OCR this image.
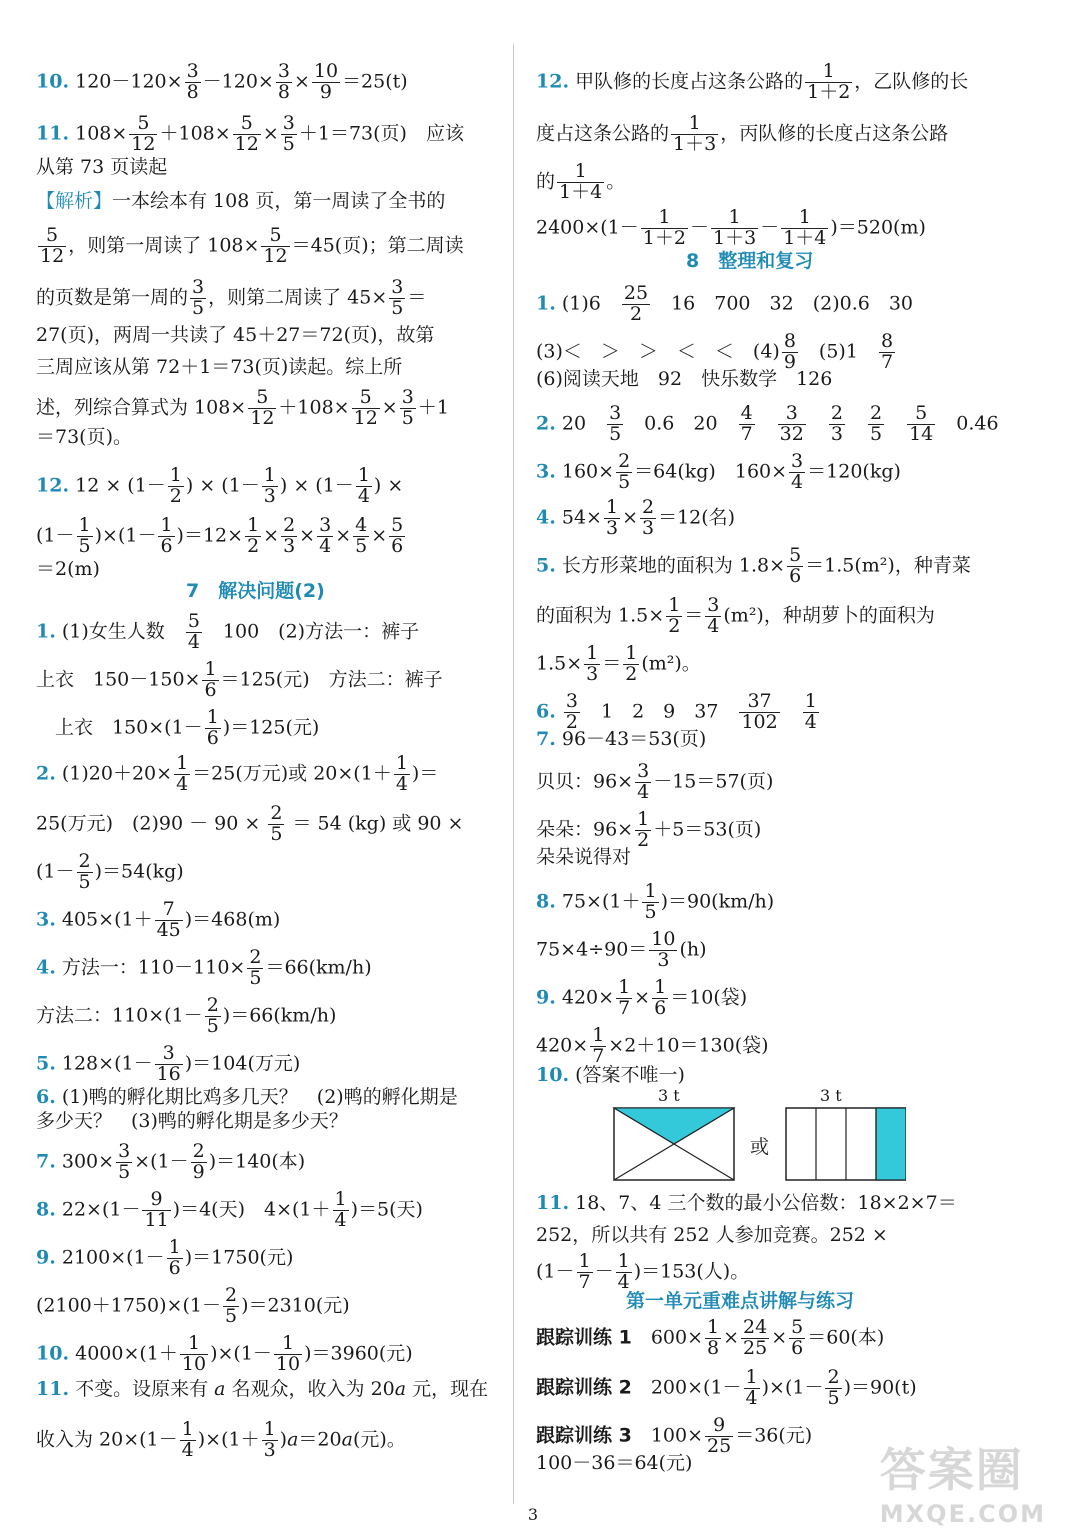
10. $120-120\times \frac{3}{8} -120\times \frac{3}{8} \times \frac{10}{9} =25(t)$
11. $108\times \frac{5}{12} +108\times \frac{5}{12} \times \frac{3}{5} +1=73$(页)　应该
从第 73 页读起
【解析】一本绘本有 108 页，第一周读了全书的
$\frac{5}{12}$ ，则第一周读了 $108\times \frac{5}{12} =45$(页)；第二周读
的页数是第一周的 $\frac{3}{5}$ ，则第二周读了 $45\times \frac{3}{5}$ ＝
27(页)，两周一共读了 45＋27＝72(页)，故第
三周应该从第 72＋1＝73(页)读起。综上所
述，列综合算式为 $108\times \frac{5}{12} +108\times \frac{5}{12} \times \frac{3}{5} +1$
＝73(页)。
12. $12 \times (1- \frac{1}{2}$ ) × ($1- \frac{1}{3}$ ) × ($1- \frac{1}{4}$ ) ×
$(1- \frac{1}{5} )\times(1- \frac{1}{6} )=12\times \frac{1}{2} \times \frac{2}{3} \times \frac{3}{4} \times \frac{4}{5} \times \frac{5}{6}$
＝2(m)
7　解决问题(2)
1. (1)女生人数　 $\frac{5}{4}$ 　100　(2)方法一：裤子
上衣　$150-150\times \frac{1}{6} =125$(元)　方法二：裤子
　上衣　$150\times(1- \frac{1}{6} )=125$(元)
2. $(1)20+20\times \frac{1}{4} =25$(万元)或 $20\times(1+ \frac{1}{4}$ )＝
25(万元)　$(2)90 - 90 \times \frac{2}{5} = 54$ (kg) 或 90 ×
$(1- \frac{2}{5} )=54(kg)$
3. $405\times(1+ \frac{7}{45} )=468(m)$
4. 方法一：$110-110\times \frac{2}{5} =66(km/h)$
方法二：$110\times(1- \frac{2}{5} )=66(km/h)$
5. $128\times(1- \frac{3}{16} )=104$(万元)
6. (1)鸭的孵化期比鸡多几天？　(2)鸭的孵化期是
多少天？　(3)鸭的孵化期是多少天？
7. $300\times \frac{3}{5} \times(1- \frac{2}{9} )=140$(本)
8. $22\times(1- \frac{9}{11} )=4$(天)　$4\times(1+ \frac{1}{4} )=5$(天)
9. $2100\times(1- \frac{1}{6} )=1750$(元)
$(2100+1750)\times(1- \frac{2}{5} )=2310$(元)
10. $4000\times(1+ \frac{1}{10} )\times(1- \frac{1}{10} )=3960$(元)
11. 不变。设原来有 a 名观众，收入为 20a 元，现在
收入为 $20\times(1- \frac{1}{4} )\times(1+ \frac{1}{3} )a=20a$(元)。
12. 甲队修的长度占这条公路的 $\frac{1}{1+2}$ ，乙队修的长
度占这条公路的 $\frac{1}{1+3}$ ，丙队修的长度占这条公路
的 $\frac{1}{1+4}$ 。
$2400\times(1- \frac{1}{1+2} - \frac{1}{1+3} - \frac{1}{1+4} )=520(m)$
8　整理和复习
1. (1)6　 $\frac{25}{2}$ 　16　700　32　(2)0.6　30
(3)＜　＞　＞　＜　＜　$(4) \frac{8}{9}$ 　(5)1　 $\frac{8}{7}$
(6)阅读天地　92　快乐数学　126
2. 20　 $\frac{3}{5}$ 　0.6　20　 $\frac{4}{7}$
　 $\frac{3}{32}$
　 $\frac{2}{3}$
　 $\frac{2}{5}$
　 $\frac{5}{14}$ 　0.46
3. $160\times \frac{2}{5} =64(kg)$　$160\times \frac{3}{4} =120(kg)$
4. $54\times \frac{1}{3} \times \frac{2}{3} =12$(名)
5. 长方形菜地的面积为 $1.8\times \frac{5}{6} =1.5(m^2)$，种青菜
的面积为 $1.5\times \frac{1}{2} = \frac{3}{4} (m^2)$，种胡萝卜的面积为
$1.5\times \frac{1}{3} = \frac{1}{2} (m^2)$。
6. $\frac{3}{2}$ 　1　2　9　37　 $\frac{37}{102}$
　 $\frac{1}{4}$
7. 96－43＝53(页)
贝贝：$96\times \frac{3}{4} -15=57$(页)
朵朵：$96\times \frac{1}{2} +5=53$(页)
朵朵说得对
8. $75\times(1+ \frac{1}{5} )=90(km/h)$
$75\times 4\div 90= \frac{10}{3} (h)$
9. $420\times \frac{1}{7} \times \frac{1}{6} =10$(袋)
$420\times \frac{1}{7} \times 2+10=130$(袋)
10. (答案不唯一)
3 t	3 t
或
11. 18、7、4 三个数的最小公倍数：18×2×7＝
252，所以共有 252 人参加竞赛。252 ×
$(1- \frac{1}{7} - \frac{1}{4} )=153$(人)。
第一单元重难点讲解与练习
跟踪训练 1　$600\times \frac{1}{8} \times \frac{24}{25} \times \frac{5}{6} =60$(本)
跟踪训练 2　$200\times(1- \frac{1}{4} )\times(1- \frac{2}{5} )=90(t)$
跟踪训练 3　$100\times \frac{9}{25} =36$(元)
100－36＝64(元)
3
答案圈
MXQE.COM
